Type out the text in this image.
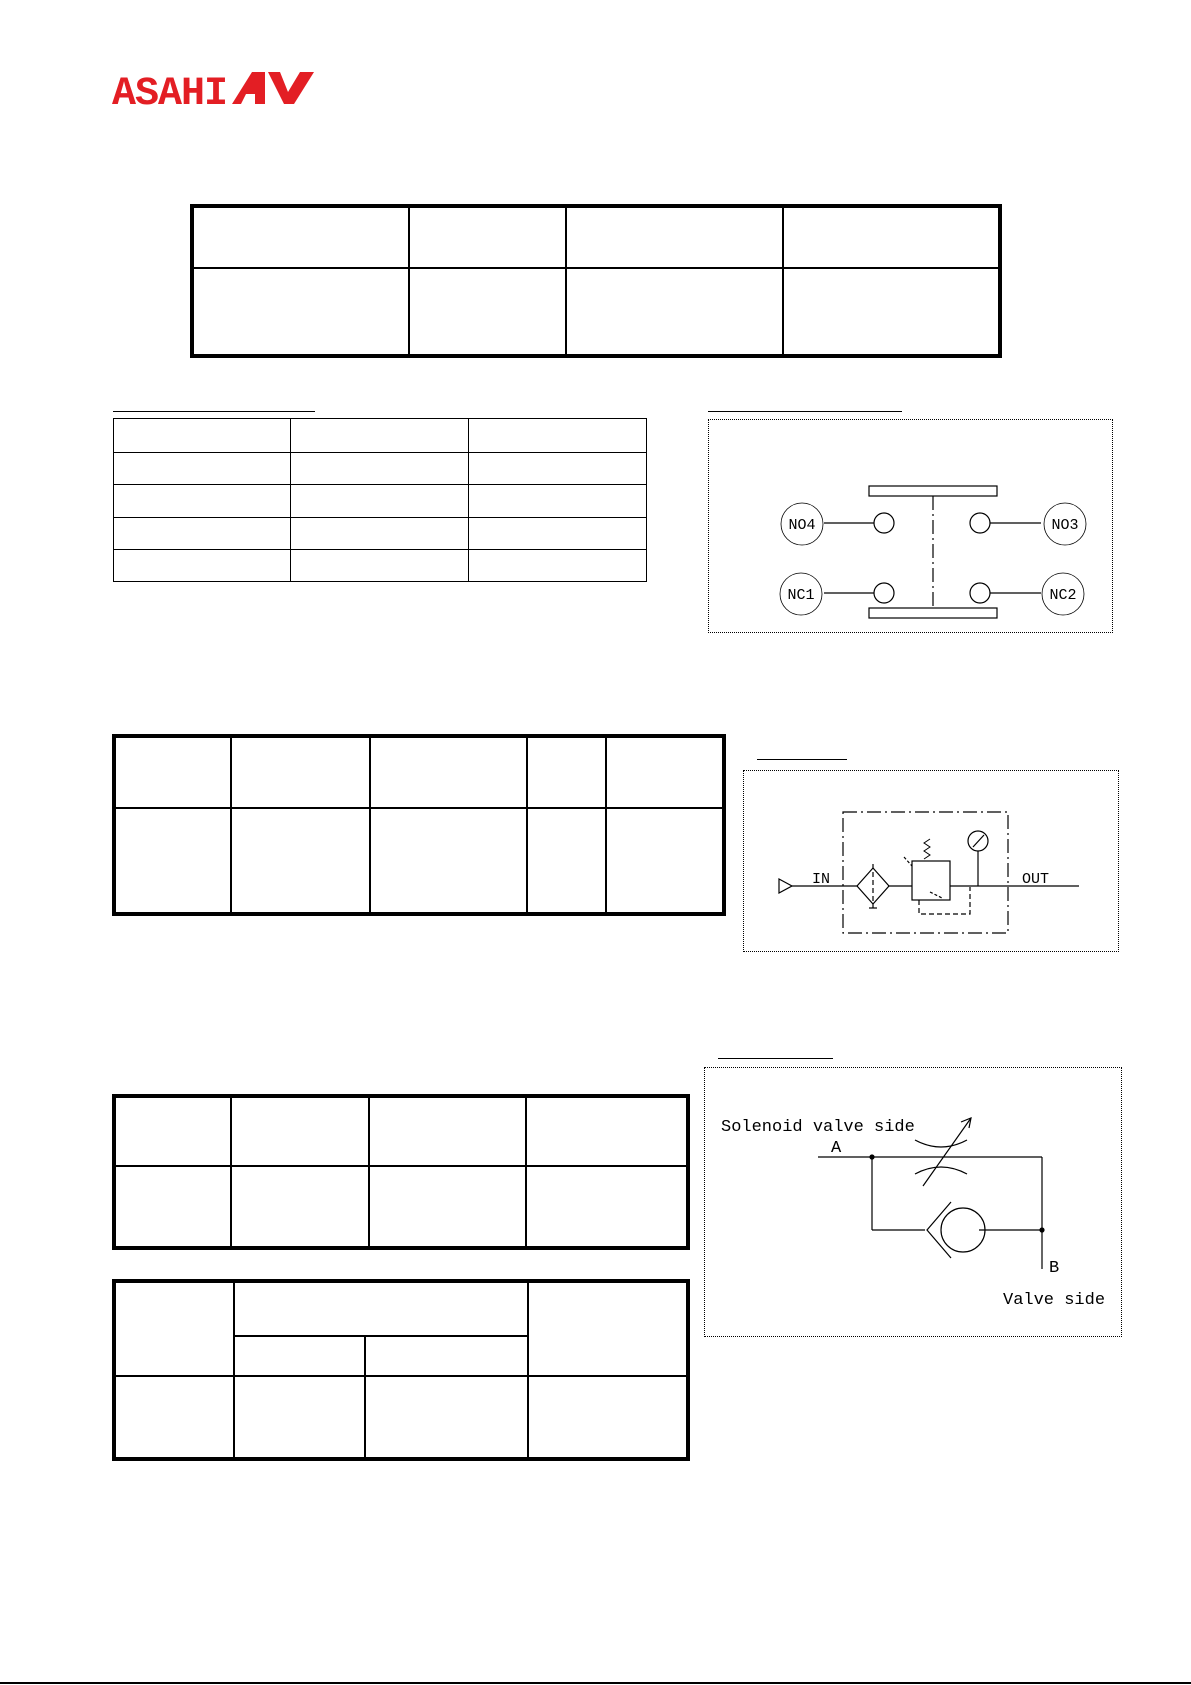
ASAHI

NO4	NO3
NC1	NC2

IN	OUT

Solenoid valve side
A
B
Valve side
